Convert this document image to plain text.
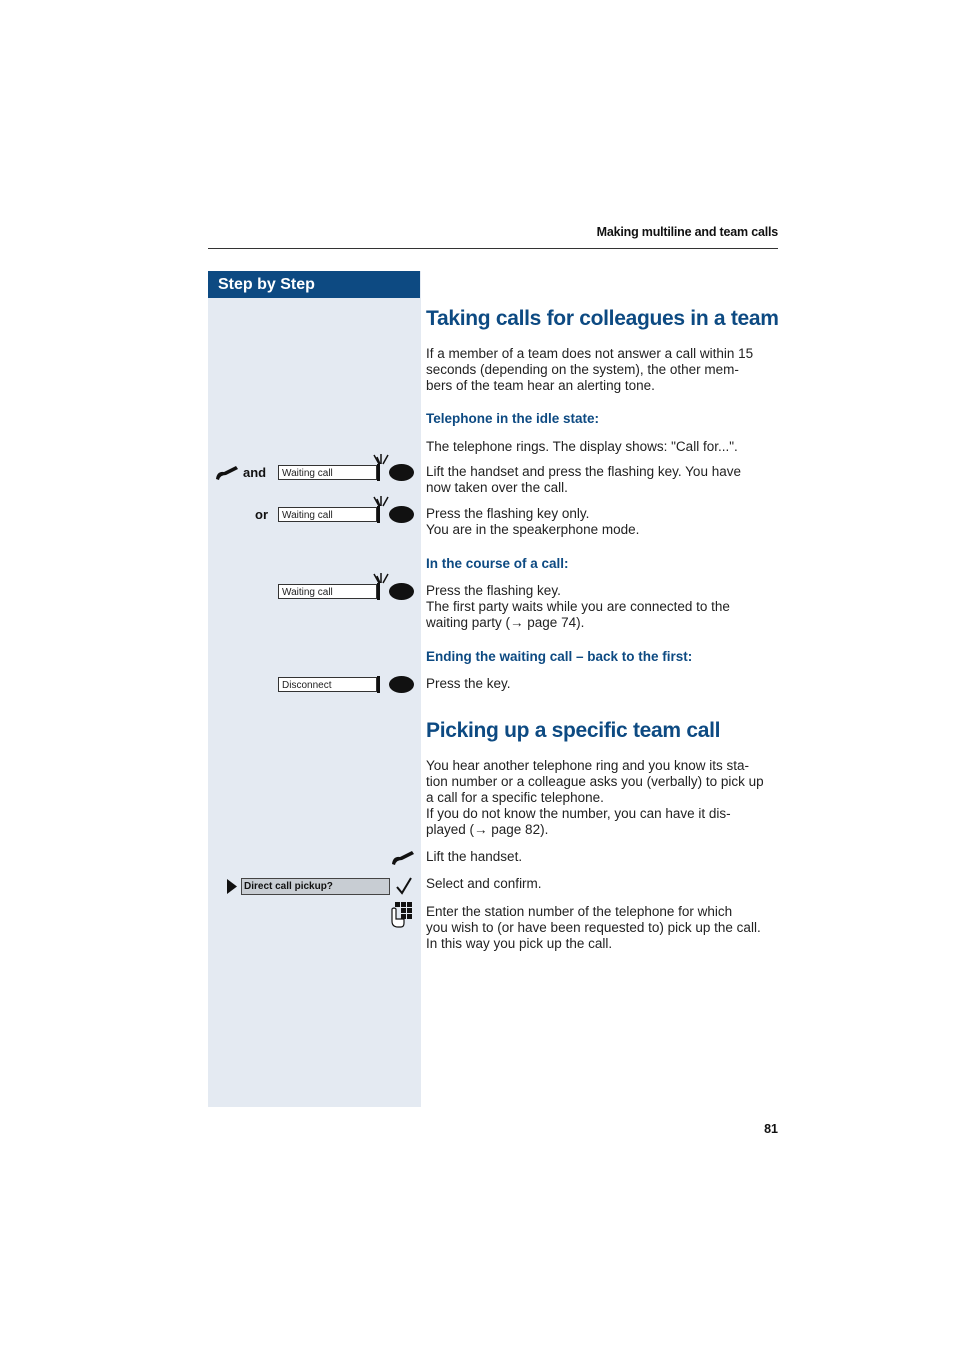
Making multiline and team calls
Step by Step
Taking calls for colleagues in a team
If a member of a team does not answer a call within 15
seconds (depending on the system), the other mem-
bers of the team hear an alerting tone.
Telephone in the idle state:
The telephone rings. The display shows: "Call for...".
and	Waiting call	Lift the handset and press the flashing key. You have
now taken over the call.
or	Waiting call	Press the flashing key only.
You are in the speakerphone mode.
In the course of a call:
Waiting call	Press the flashing key.
The first party waits while you are connected to the
waiting party (→ page 74).
Ending the waiting call – back to the first:
Disconnect	Press the key.
Picking up a specific team call
You hear another telephone ring and you know its sta-
tion number or a colleague asks you (verbally) to pick up
a call for a specific telephone.
If you do not know the number, you can have it dis-
played (→ page 82).
Lift the handset.
Direct call pickup?	Select and confirm.
Enter the station number of the telephone for which
you wish to (or have been requested to) pick up the call.
In this way you pick up the call.
81
